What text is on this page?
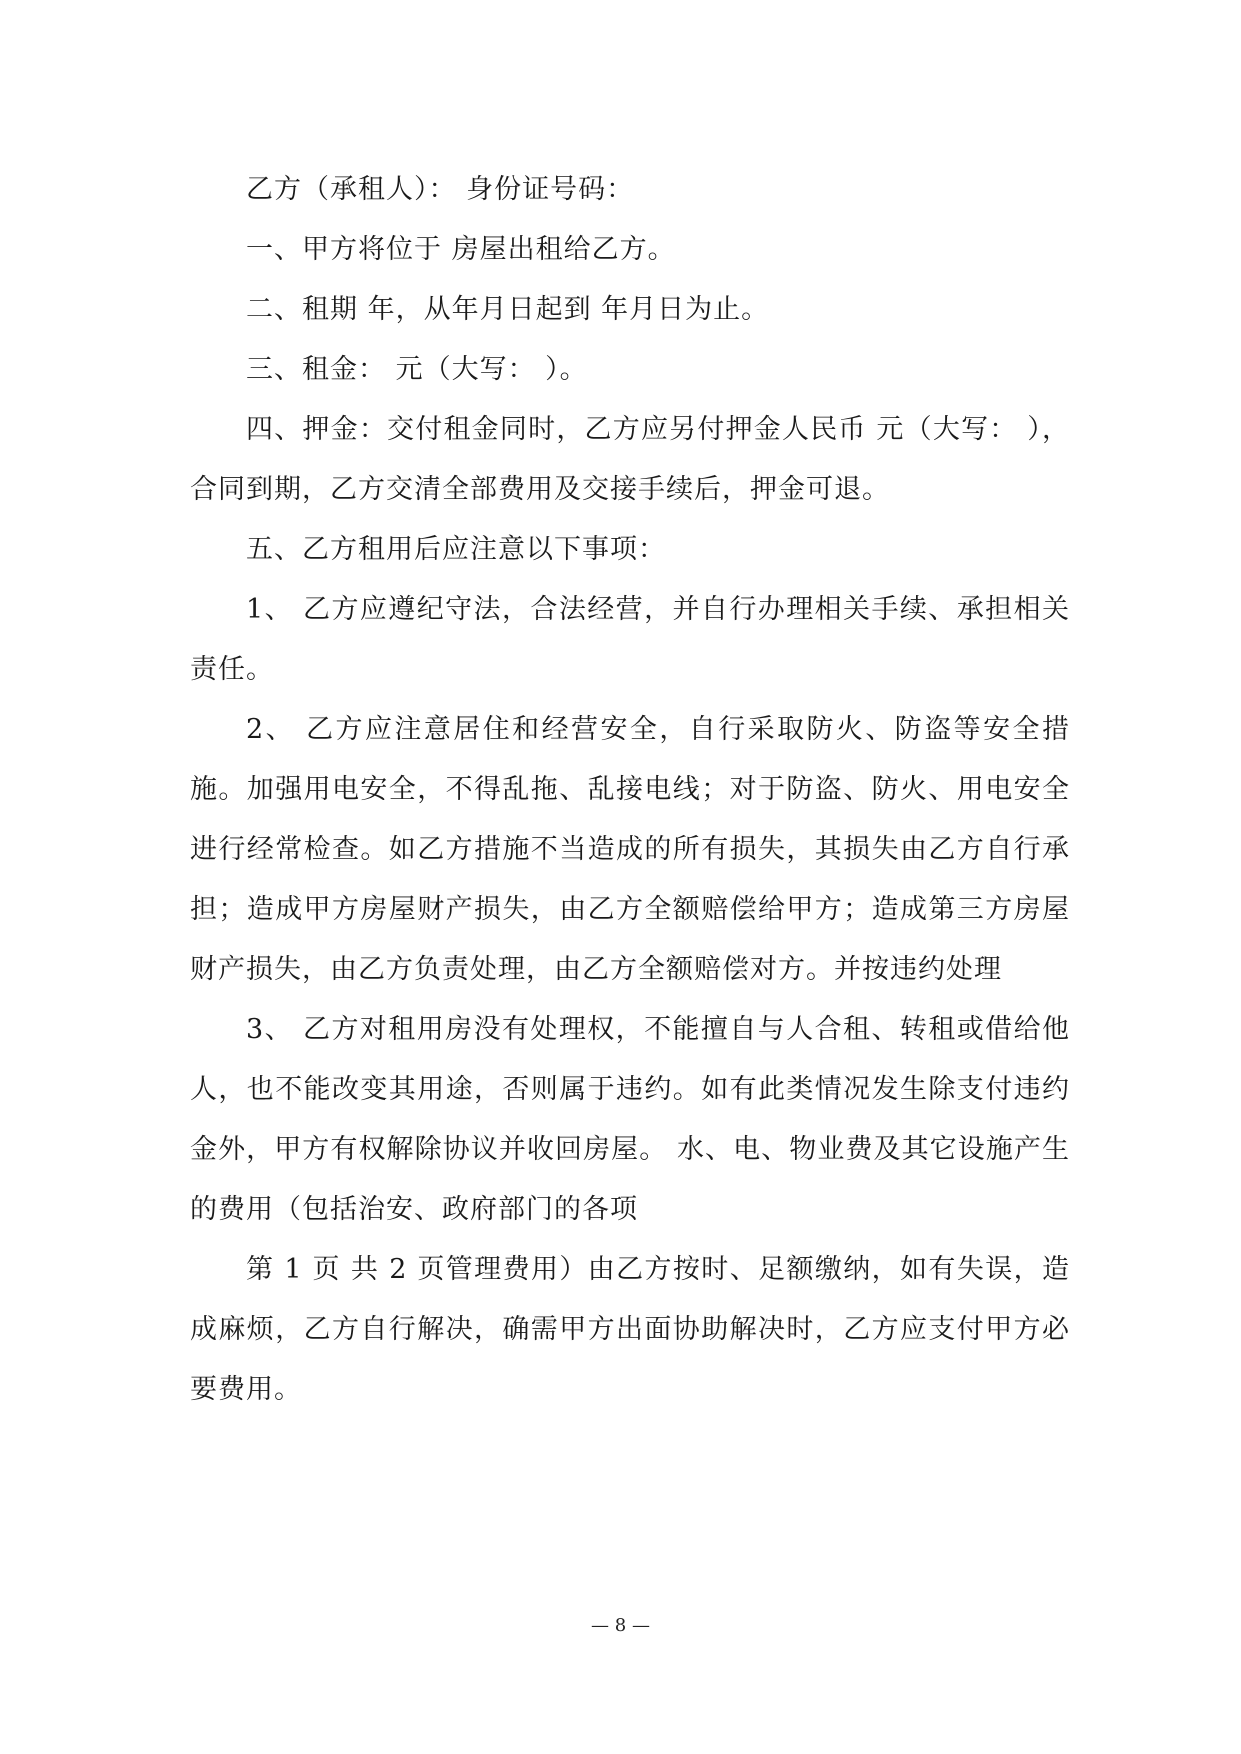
乙方（承租人）： 身份证号码：

一、甲方将位于 房屋出租给乙方。

二、租期 年，从年月日起到 年月日为止。

三、租金： 元（大写： ）。

四、押金：交付租金同时，乙方应另付押金人民币 元（大写： ），合同到期，乙方交清全部费用及交接手续后，押金可退。

五、乙方租用后应注意以下事项：

1、 乙方应遵纪守法，合法经营，并自行办理相关手续、承担相关责任。

2、 乙方应注意居住和经营安全，自行采取防火、防盗等安全措施。加强用电安全，不得乱拖、乱接电线；对于防盗、防火、用电安全进行经常检查。如乙方措施不当造成的所有损失，其损失由乙方自行承担；造成甲方房屋财产损失，由乙方全额赔偿给甲方；造成第三方房屋财产损失，由乙方负责处理，由乙方全额赔偿对方。并按违约处理

3、 乙方对租用房没有处理权，不能擅自与人合租、转租或借给他人，也不能改变其用途，否则属于违约。如有此类情况发生除支付违约金外，甲方有权解除协议并收回房屋。 水、电、物业费及其它设施产生的费用（包括治安、政府部门的各项

第 1 页 共 2 页管理费用）由乙方按时、足额缴纳，如有失误，造成麻烦，乙方自行解决，确需甲方出面协助解决时，乙方应支付甲方必要费用。

— 8 —
